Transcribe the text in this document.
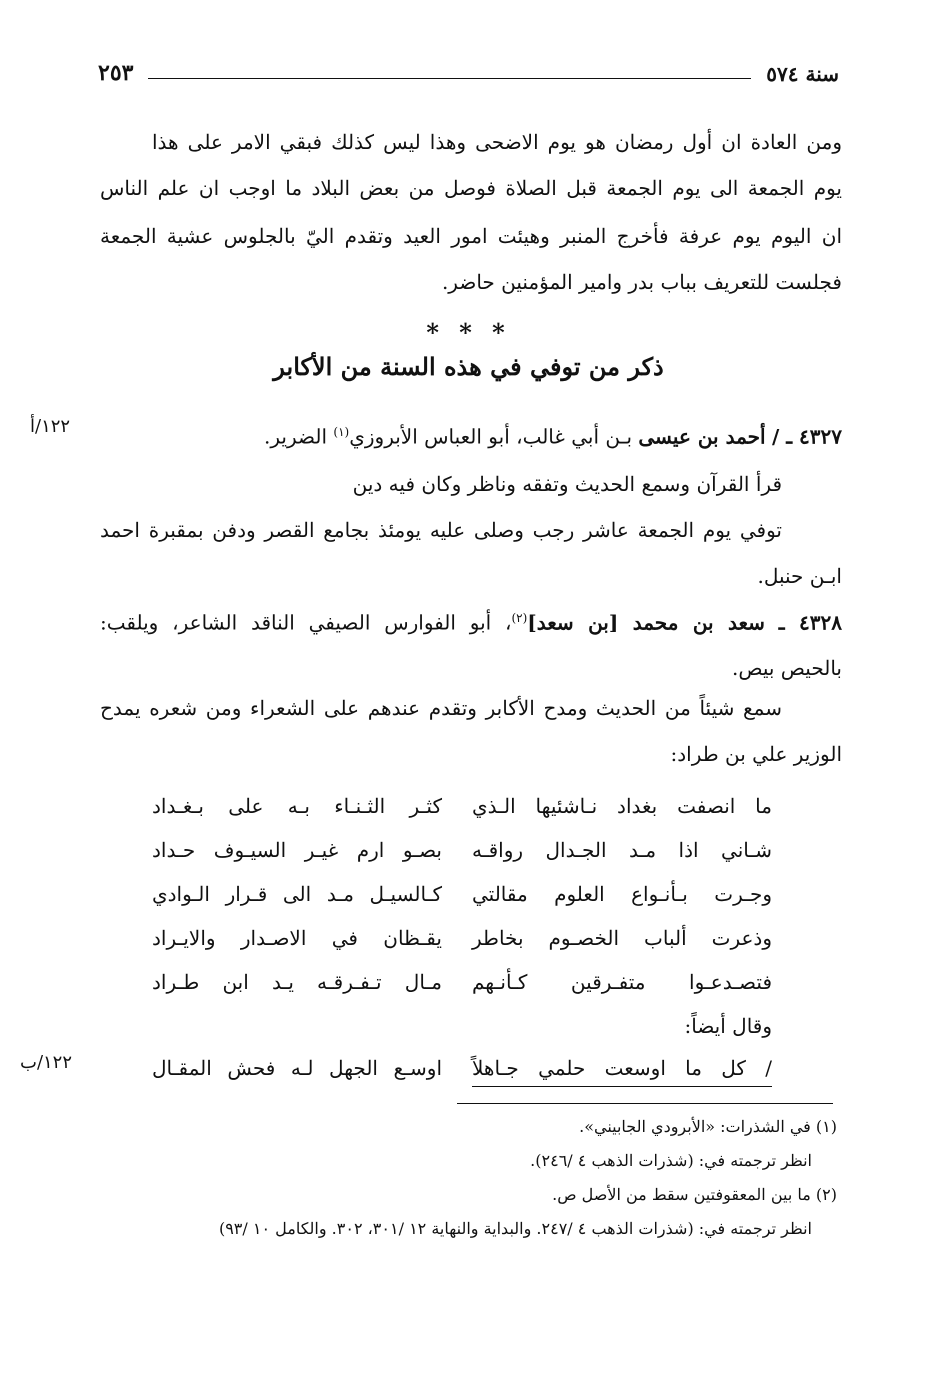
سنة ٥٧٤
٢٥٣
ومن العادة ان أول رمضان هو يوم الاضحى وهذا ليس كذلك فبقي الامر على هذا
يوم الجمعة الى يوم الجمعة قبل الصلاة فوصل من بعض البلاد ما اوجب ان علم الناس
ان اليوم يوم عرفة فأخرج المنبر وهيئت امور العيد وتقدم اليّ بالجلوس عشية الجمعة
فجلست للتعريف بباب بدر وامير المؤمنين حاضر.
* * *
ذكر من توفي في هذه السنة من الأكابر
٤٣٢٧ ـ / أحمد بن عيسى بـن أبي غالب، أبو العباس الأبروزي$^{(١)}$ الضرير.
١٢٢/أ
قرأ القرآن وسمع الحديث وتفقه وناظر وكان فيه دين
توفي يوم الجمعة عاشر رجب وصلى عليه يومئذ بجامع القصر ودفن بمقبرة احمد
ابـن حنبل.
٤٣٢٨ ـ سعد بن محمد [بن سعد]$^{(٢)}$، أبو الفوارس الصيفي الناقد الشاعر، ويلقب:
بالحيص بيص.
سمع شيئاً من الحديث ومدح الأكابر وتقدم عندهم على الشعراء ومن شعره يمدح
الوزير علي بن طراد:
ما انصفت بغداد نـاشئيها الـذي
كثـر الثـنـاء بـه على بـغـداد
شـاني اذا مـد الجـدال رواقـه
بصـو ارم غيـر السيـوف حـداد
وجـرت بـأنـواع العلوم مقالتي
كـالسيـل مـد الى قـرار الـوادي
وذعرت ألباب الخصـوم بخاطر
يقـظان في الاصـدار والايـراد
فتصـدعـوا متفـرقين كـأنـهم
مـال تـفـرقـه يـد ابن طـراد
وقال أيضاً:
/ كل ما اوسعت حلمي جـاهلاً
اوسـع الجهل لـه فحش المقـال
١٢٢/ب
(١) في الشذرات: «الأبرودي الجابيني».
انظر ترجمته في: (شذرات الذهب ٤ /٢٤٦).
(٢) ما بين المعقوفتين سقط من الأصل ص.
انظر ترجمته في: (شذرات الذهب ٤ /٢٤٧. والبداية والنهاية ١٢ /٣٠١، ٣٠٢. والكامل ١٠ /٩٣)
